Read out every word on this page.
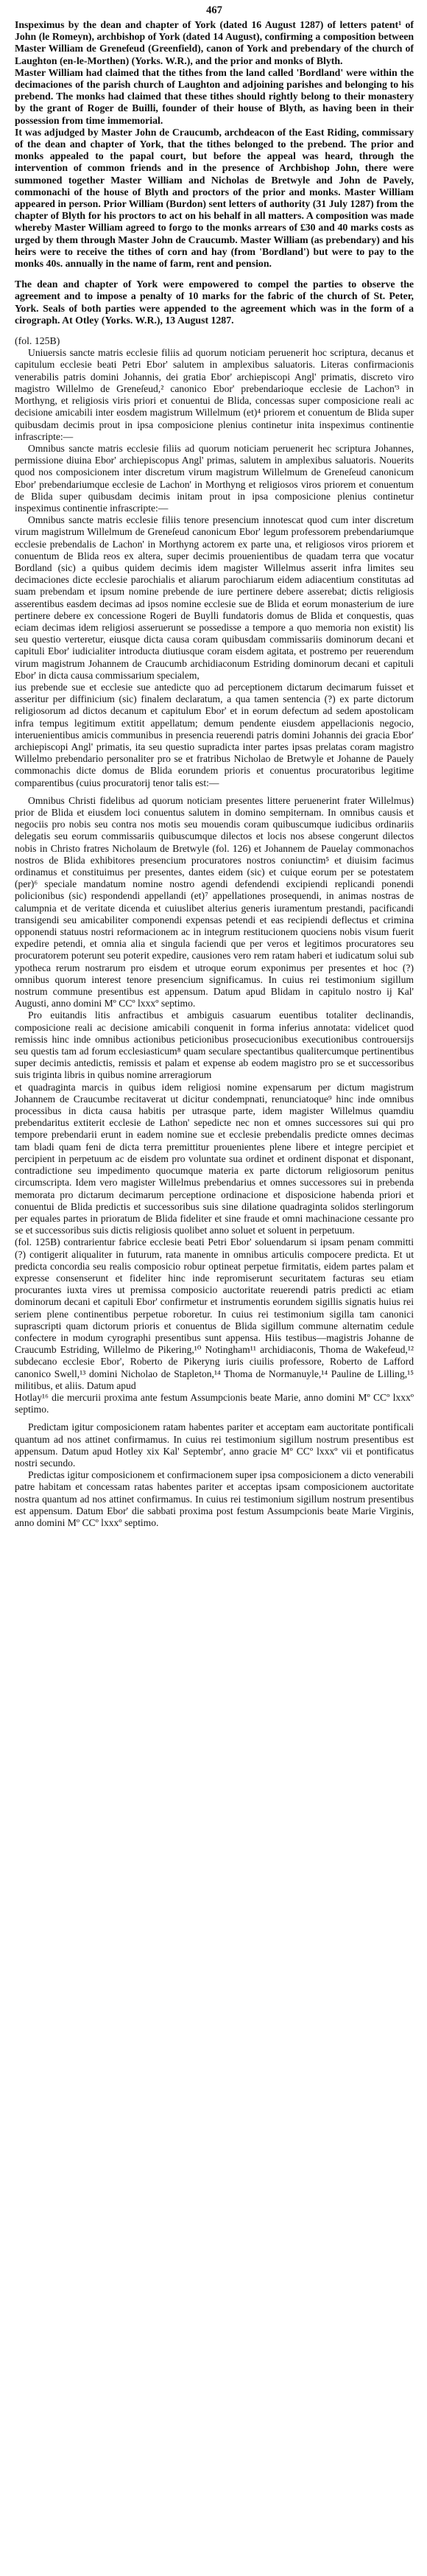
467

Inspeximus by the dean and chapter of York (dated 16 August 1287) of letters patent¹ of John (le Romeyn), archbishop of York (dated 14 August), confirming a composition between Master William de Greneſeud (Greenfield), canon of York and prebendary of the church of Laughton (en-le-Morthen) (Yorks. W.R.), and the prior and monks of Blyth.

Master William had claimed that the tithes from the land called 'Bordland' were within the decimaciones of the parish church of Laughton and adjoining parishes and belonging to his prebend. The monks had claimed that these tithes should rightly belong to their monastery by the grant of Roger de Builli, founder of their house of Blyth, as having been in their possession from time immemorial.

It was adjudged by Master John de Craucumb, archdeacon of the East Riding, commissary of the dean and chapter of York, that the tithes belonged to the prebend. The prior and monks appealed to the papal court, but before the appeal was heard, through the intervention of common friends and in the presence of Archbishop John, there were summoned together Master William and Nicholas de Bretwyle and John de Pavely, commonachi of the house of Blyth and proctors of the prior and monks. Master William appeared in person. Prior William (Burdon) sent letters of authority (31 July 1287) from the chapter of Blyth for his proctors to act on his behalf in all matters. A composition was made whereby Master William agreed to forgo to the monks arrears of £30 and 40 marks costs as urged by them through Master John de Craucumb. Master William (as prebendary) and his heirs were to receive the tithes of corn and hay (from 'Bordland') but were to pay to the monks 40s. annually in the name of farm, rent and pension.

The dean and chapter of York were empowered to compel the parties to observe the agreement and to impose a penalty of 10 marks for the fabric of the church of St. Peter, York. Seals of both parties were appended to the agreement which was in the form of a cirograph. At Otley (Yorks. W.R.), 13 August 1287.

(fol. 125B)

Uniuersis sancte matris ecclesie filiis ad quorum noticiam peruenerit hoc scriptura, decanus et capitulum ecclesie beati Petri Ebor' salutem in amplexibus saluatoris. Literas confirmacionis venerabilis patris domini Johannis, dei gratia Ebor' archiepiscopi Angl' primatis, discreto viro magistro Willelmo de Greneſeud,² canonico Ebor' prebendarioque ecclesie de Lachon'³ in Morthyng, et religiosis viris priori et conuentui de Blida, concessas super composicione reali ac decisione amicabili inter eosdem magistrum Willelmum (et)⁴ priorem et conuentum de Blida super quibusdam decimis prout in ipsa composicione plenius continetur inita inspeximus continentie infrascripte:—

Omnibus sancte matris ecclesie filiis ad quorum noticiam peruenerit hec scriptura Johannes, permissione diuina Ebor' archiepiscopus Angl' primas, salutem in amplexibus saluatoris. Nouerits quod nos composicionem inter discretum virum magistrum Willelmum de Greneſeud canonicum Ebor' prebendariumque ecclesie de Lachon' in Morthyng et religiosos viros priorem et conuentum de Blida super quibusdam decimis initam prout in ipsa composicione plenius continetur inspeximus continentie infrascripte:—

Omnibus sancte matris ecclesie filiis tenore presencium innotescat quod cum inter discretum virum magistrum Willelmum de Greneſeud canonicum Ebor' legum professorem prebendariumque ecclesie prebendalis de Lachon' in Morthyng actorem ex parte una, et religiosos viros priorem et conuentum de Blida reos ex altera, super decimis prouenientibus de quadam terra que vocatur Bordland (sic) a quibus quidem decimis idem magister Willelmus asserit infra limites seu decimaciones dicte ecclesie parochialis et aliarum parochiarum eidem adiacentium constitutas ad suam prebendam et ipsum nomine prebende de iure pertinere debere asserebat; dictis religiosis asserentibus easdem decimas ad ipsos nomine ecclesie sue de Blida et eorum monasterium de iure pertinere debere ex concessione Rogeri de Buylli fundatoris domus de Blida et conquestis, quas eciam decimas idem religiosi asseruerunt se possedisse a tempore a quo memoria non existit) lis seu questio verteretur, eiusque dicta causa coram quibusdam commissariis dominorum decani et capituli Ebor' iudicialiter introducta diutiusque coram eisdem agitata, et postremo per reuerendum virum magistrum Johannem de Craucumb archidiaconum Estriding dominorum decani et capituli Ebor' in dicta causa commissarium specialem,

ius prebende sue et ecclesie sue antedicte quo ad perceptionem dictarum decimarum fuisset et asseritur per diffinicium (sic) finalem declaratum, a qua tamen sentencia (?) ex parte dictorum religiosorum ad dictos decanum et capitulum Ebor' et in eorum defectum ad sedem apostolicam infra tempus legitimum extitit appellatum; demum pendente eiusdem appellacionis negocio, interuenientibus amicis communibus in presencia reuerendi patris domini Johannis dei gracia Ebor' archiepiscopi Angl' primatis, ita seu questio supradicta inter partes ipsas prelatas coram magistro Willelmo prebendario personaliter pro se et fratribus Nicholao de Bretwyle et Johanne de Pauely commonachis dicte domus de Blida eorundem prioris et conuentus procuratoribus legitime comparentibus (cuius procuratorij tenor talis est:—

Omnibus Christi fidelibus ad quorum noticiam presentes littere peruenerint frater Willelmus) prior de Blida et eiusdem loci conuentus salutem in domino sempiternam. In omnibus causis et negociis pro nobis seu contra nos motis seu mouendis coram quibuscumque iudicibus ordinariis delegatis seu eorum commissariis quibuscumque dilectos et locis nos absese congerunt dilectos nobis in Christo fratres Nicholaum de Bretwyle (fol. 126) et Johannem de Pauelay commonachos nostros de Blida exhibitores presencium procuratores nostros coniunctim⁵ et diuisim facimus ordinamus et constituimus per presentes, dantes eidem (sic) et cuique eorum per se potestatem (per)⁶ speciale mandatum nomine nostro agendi defendendi excipiendi replicandi ponendi policionibus (sic) respondendi appellandi (et)⁷ appellationes prosequendi, in animas nostras de calumpnia et de veritate dicenda et cuiuslibet alterius generis iuramentum prestandi, pacificandi transigendi seu amicabiliter componendi expensas petendi et eas recipiendi deflectus et crimina opponendi statuus nostri reformacionem ac in integrum restitucionem quociens nobis visum fuerit expedire petendi, et omnia alia et singula faciendi que per veros et legitimos procuratores seu procuratorem poterunt seu poterit expedire, causiones vero rem ratam haberi et iudicatum solui sub ypotheca rerum nostrarum pro eisdem et utroque eorum exponimus per presentes et hoc (?) omnibus quorum interest tenore presencium significamus. In cuius rei testimonium sigillum nostrum commune presentibus est appensum. Datum apud Blidam in capitulo nostro ij Kal' Augusti, anno domini Mº CCº lxxxº septimo.

Pro euitandis litis anfractibus et ambiguis casuarum euentibus totaliter declinandis, composicione reali ac decisione amicabili conquenit in forma inferius annotata: videlicet quod remissis hinc inde omnibus actionibus peticionibus prosecucionibus executionibus controuersijs seu questis tam ad forum ecclesiasticum⁸ quam seculare spectantibus qualitercumque pertinentibus super decimis antedictis, remissis et palam et expense ab eodem magistro pro se et successoribus suis triginta libris in quibus nomine arreragiorum

et quadraginta marcis in quibus idem religiosi nomine expensarum per dictum magistrum Johannem de Craucumbe recitaverat ut dicitur condempnati, renunciatoque⁹ hinc inde omnibus processibus in dicta causa habitis per utrasque parte, idem magister Willelmus quamdiu prebendaritus extiterit ecclesie de Lathon' sepedicte nec non et omnes successores sui qui pro tempore prebendarii erunt in eadem nomine sue et ecclesie prebendalis predicte omnes decimas tam bladi quam feni de dicta terra premittitur prouenientes plene libere et integre percipiet et percipient in perpetuum ac de eisdem pro voluntate sua ordinet et ordinent disponat et disponant, contradictione seu impedimento quocumque materia ex parte dictorum religiosorum penitus circumscripta. Idem vero magister Willelmus prebendarius et omnes successores sui in prebenda memorata pro dictarum decimarum perceptione ordinacione et disposicione habenda priori et conuentui de Blida predictis et successoribus suis sine dilatione quadraginta solidos sterlingorum per equales partes in prioratum de Blida fideliter et sine fraude et omni machinacione cessante pro se et successoribus suis dictis religiosis quolibet anno soluet et soluent in perpetuum.

(fol. 125B) contrarientur fabrice ecclesie beati Petri Ebor' soluendarum si ipsam penam committi (?) contigerit aliqualiter in futurum, rata manente in omnibus articulis compocere predicta. Et ut predicta concordia seu realis composicio robur optineat perpetue firmitatis, eidem partes palam et expresse consenserunt et fideliter hinc inde repromiserunt securitatem facturas seu etiam procurantes iuxta vires ut premissa composicio auctoritate reuerendi patris predicti ac etiam dominorum decani et capituli Ebor' confirmetur et instrumentis eorundem sigillis signatis huius rei seriem plene continentibus perpetue roboretur. In cuius rei testimonium sigilla tam canonici suprascripti quam dictorum prioris et conuentus de Blida sigillum commune alternatim cedule confectere in modum cyrographi presentibus sunt appensa. Hiis testibus—magistris Johanne de Craucumb Estriding, Willelmo de Pikering,¹⁰ Notingham¹¹ archidiaconis, Thoma de Wakefeud,¹² subdecano ecclesie Ebor', Roberto de Pikeryng iuris ciuilis professore, Roberto de Lafford canonico Swell,¹³ domini Nicholao de Stapleton,¹⁴ Thoma de Normanuyle,¹⁴ Pauline de Lilling,¹⁵ militibus, et aliis. Datum apud

Hotlay¹⁶ die mercurii proxima ante festum Assumpcionis beate Marie, anno domini Mº CCº lxxxº septimo.

Predictam igitur composicionem ratam habentes pariter et acceptam eam auctoritate pontificali quantum ad nos attinet confirmamus. In cuius rei testimonium sigillum nostrum presentibus est appensum. Datum apud Hotley xix Kal' Septembr', anno gracie Mº CCº lxxxº vii et pontificatus nostri secundo.

Predictas igitur composicionem et confirmacionem super ipsa composicionem a dicto venerabili patre habitam et concessam ratas habentes pariter et acceptas ipsam composicionem auctoritate nostra quantum ad nos attinet confirmamus. In cuius rei testimonium sigillum nostrum presentibus est appensum. Datum Ebor' die sabbati proxima post festum Assumpcionis beate Marie Virginis, anno domini Mº CCº lxxxº septimo.
